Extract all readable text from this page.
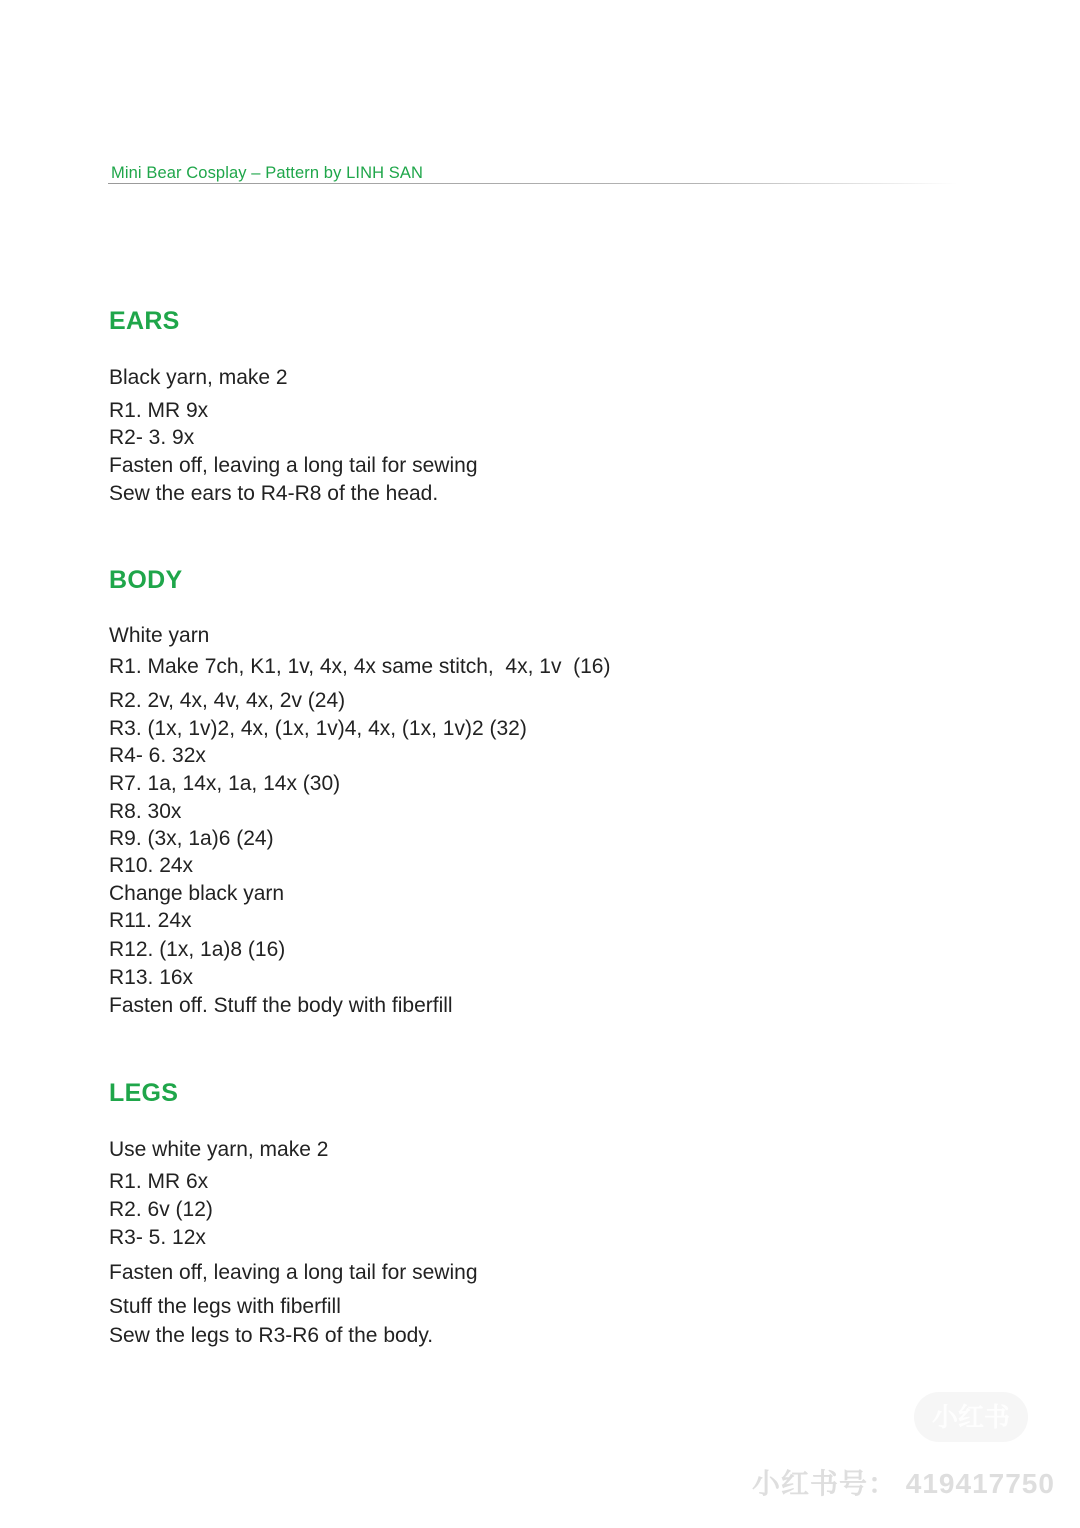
Mini Bear Cosplay – Pattern by LINH SAN
EARS
Black yarn, make 2
R1. MR 9x
R2- 3. 9x
Fasten off, leaving a long tail for sewing
Sew the ears to R4-R8 of the head.
BODY
White yarn
R1. Make 7ch, K1, 1v, 4x, 4x same stitch,  4x, 1v  (16)
R2. 2v, 4x, 4v, 4x, 2v (24)
R3. (1x, 1v)2, 4x, (1x, 1v)4, 4x, (1x, 1v)2 (32)
R4- 6. 32x
R7. 1a, 14x, 1a, 14x (30)
R8. 30x
R9. (3x, 1a)6 (24)
R10. 24x
Change black yarn
R11. 24x
R12. (1x, 1a)8 (16)
R13. 16x
Fasten off. Stuff the body with fiberfill
LEGS
Use white yarn, make 2
R1. MR 6x
R2. 6v (12)
R3- 5. 12x
Fasten off, leaving a long tail for sewing
Stuff the legs with fiberfill
Sew the legs to R3-R6 of the body.
小红书
小红书号： 419417750
